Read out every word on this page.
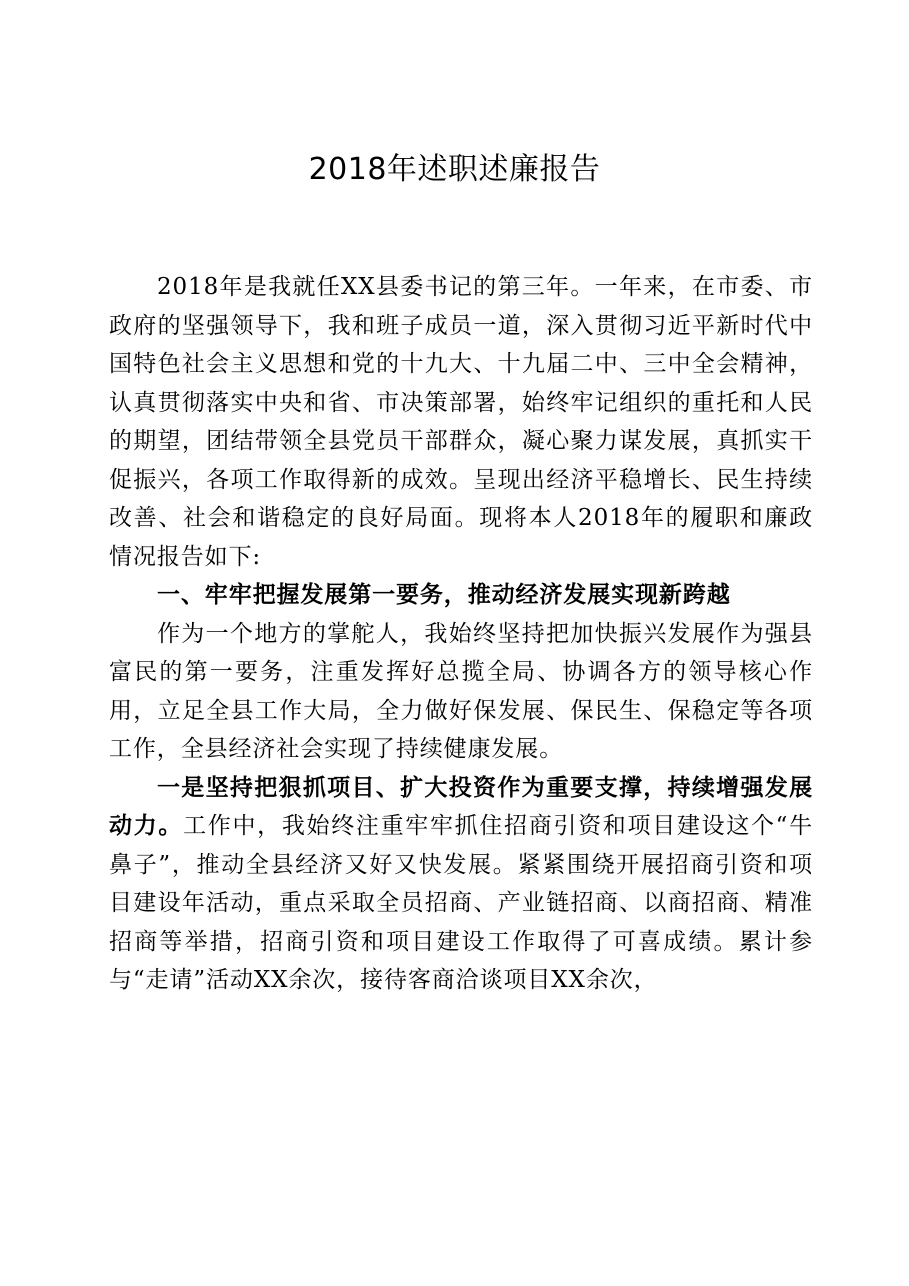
2018年述职述廉报告

2018年是我就任XX县委书记的第三年。一年来，在市委、市政府的坚强领导下，我和班子成员一道，深入贯彻习近平新时代中国特色社会主义思想和党的十九大、十九届二中、三中全会精神，认真贯彻落实中央和省、市决策部署，始终牢记组织的重托和人民的期望，团结带领全县党员干部群众，凝心聚力谋发展，真抓实干促振兴，各项工作取得新的成效。呈现出经济平稳增长、民生持续改善、社会和谐稳定的良好局面。现将本人2018年的履职和廉政情况报告如下:

一、牢牢把握发展第一要务，推动经济发展实现新跨越

作为一个地方的掌舵人，我始终坚持把加快振兴发展作为强县富民的第一要务，注重发挥好总揽全局、协调各方的领导核心作用，立足全县工作大局，全力做好保发展、保民生、保稳定等各项工作，全县经济社会实现了持续健康发展。

一是坚持把狠抓项目、扩大投资作为重要支撑，持续增强发展动力。工作中，我始终注重牢牢抓住招商引资和项目建设这个“牛鼻子”，推动全县经济又好又快发展。紧紧围绕开展招商引资和项目建设年活动，重点采取全员招商、产业链招商、以商招商、精准招商等举措，招商引资和项目建设工作取得了可喜成绩。累计参与“走请”活动XX余次，接待客商洽谈项目XX余次，
